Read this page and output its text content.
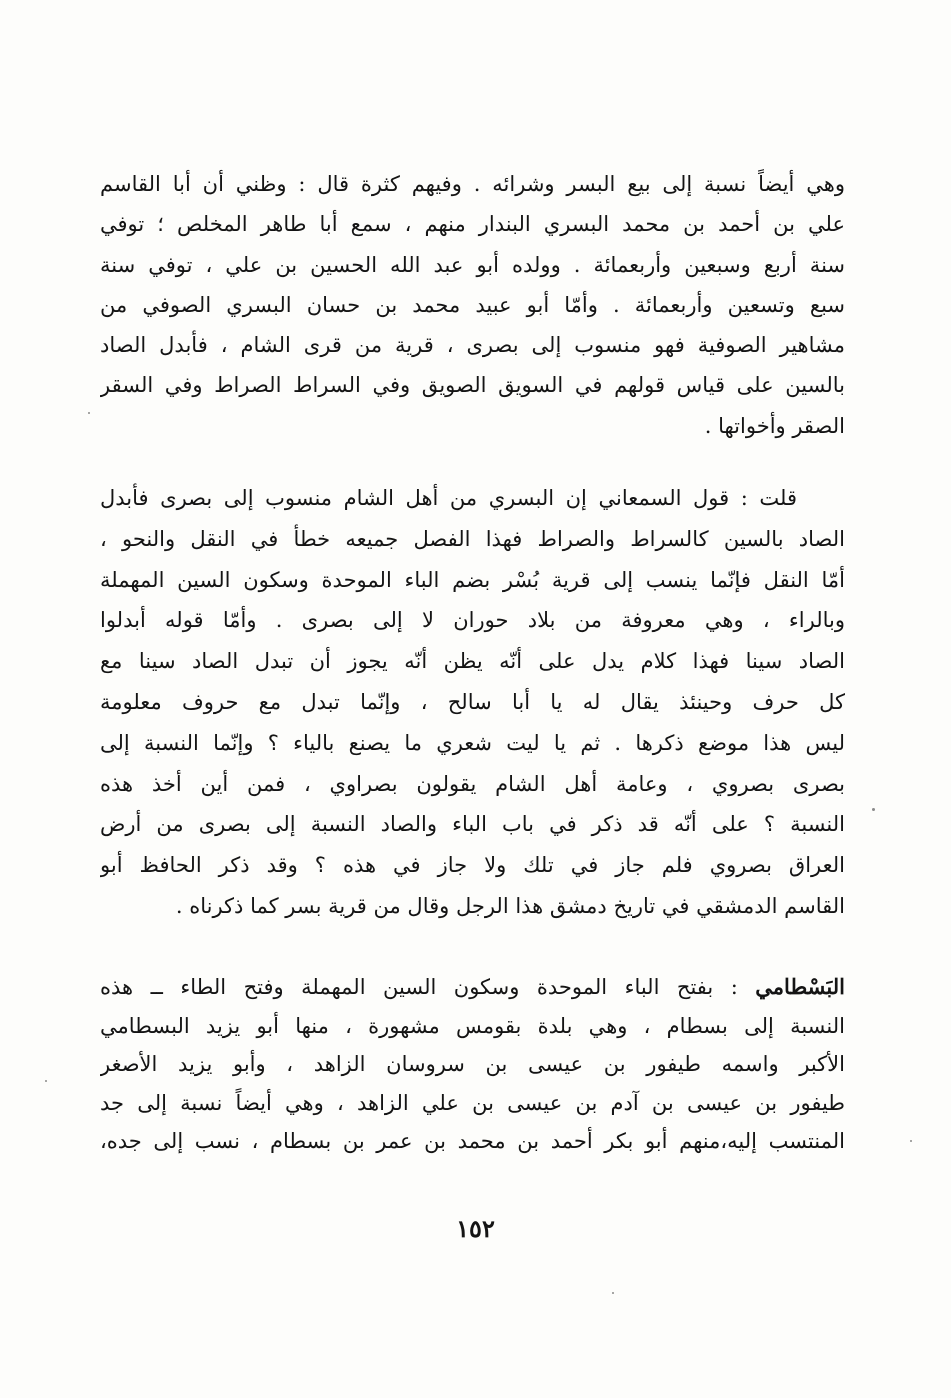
وهي أيضاً نسبة إلى بيع البسر وشرائه . وفيهم كثرة قال : وظني أن أبا القاسم
علي بن أحمد بن محمد البسري البندار منهم ، سمع أبا طاهر المخلص ؛ توفي
سنة أربع وسبعين وأربعمائة . وولده أبو عبد الله الحسين بن علي ، توفي سنة
سبع وتسعين وأربعمائة . وأمّا أبو عبيد محمد بن حسان البسري الصوفي من
مشاهير الصوفية فهو منسوب إلى بصرى ، قرية من قرى الشام ، فأبدل الصاد
بالسين على قياس قولهم في السويق الصويق وفي السراط الصراط وفي السقر
الصقر وأخواتها .
قلت : قول السمعاني إن البسري من أهل الشام منسوب إلى بصرى فأبدل
الصاد بالسين كالسراط والصراط فهذا الفصل جميعه خطأ في النقل والنحو ،
أمّا النقل فإنّما ينسب إلى قرية بُسْر بضم الباء الموحدة وسكون السين المهملة
وبالراء ، وهي معروفة من بلاد حوران لا إلى بصرى . وأمّا قوله أبدلوا
الصاد سينا فهذا كلام يدل على أنّه يظن أنّه يجوز أن تبدل الصاد سينا مع
كل حرف وحينئذ يقال له يا أبا سالح ، وإنّما تبدل مع حروف معلومة
ليس هذا موضع ذكرها . ثم يا ليت شعري ما يصنع بالياء ؟ وإنّما النسبة إلى
بصرى بصروي ، وعامة أهل الشام يقولون بصراوي ، فمن أين أخذ هذه
النسبة ؟ على أنّه قد ذكر في باب الباء والصاد النسبة إلى بصرى من أرض
العراق بصروي فلم جاز في تلك ولا جاز في هذه ؟ وقد ذكر الحافظ أبو
القاسم الدمشقي في تاريخ دمشق هذا الرجل وقال من قرية بسر كما ذكرناه .
البَسْطامي : بفتح الباء الموحدة وسكون السين المهملة وفتح الطاء ــ هذه
النسبة إلى بسطام ، وهي بلدة بقومس مشهورة ، منها أبو يزيد البسطامي
الأكبر واسمه طيفور بن عيسى بن سروسان الزاهد ، وأبو يزيد الأصغر
طيفور بن عيسى بن آدم بن عيسى بن علي الزاهد ، وهي أيضاً نسبة إلى جد
المنتسب إليه،منهم أبو بكر أحمد بن محمد بن عمر بن بسطام ، نسب إلى جده،
١٥٢
